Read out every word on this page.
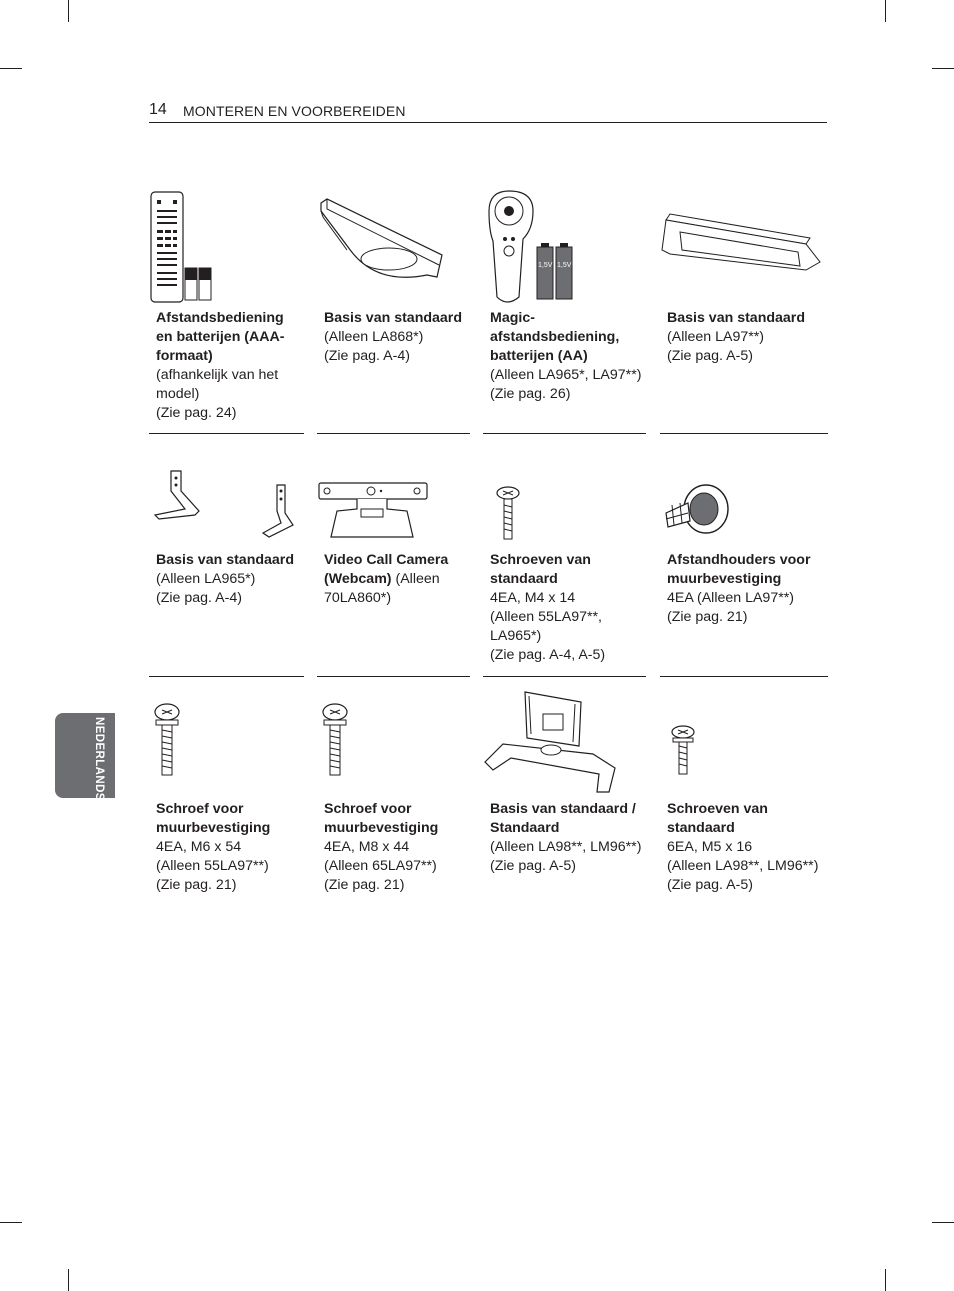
14 MONTEREN EN VOORBEREIDEN
NEDERLANDS
Afstandsbediening
en batterijen (AAA-
formaat)
(afhankelijk van het
model)
(Zie pag. 24)
Basis van standaard
(Alleen LA868*)
(Zie pag. A-4)
1,5V 1,5V
Magic-
afstandsbediening,
batterijen (AA)
(Alleen LA965*, LA97**)
(Zie pag. 26)
Basis van standaard
(Alleen LA97**)
(Zie pag. A-5)
Basis van standaard
(Alleen LA965*)
(Zie pag. A-4)
Video Call Camera
(Webcam) (Alleen
70LA860*)
Schroeven van
standaard
4EA, M4 x 14
(Alleen 55LA97**,
LA965*)
(Zie pag. A-4, A-5)
Afstandhouders voor
muurbevestiging
4EA (Alleen LA97**)
(Zie pag. 21)
Schroef voor
muurbevestiging
4EA, M6 x 54
(Alleen 55LA97**)
(Zie pag. 21)
Schroef voor
muurbevestiging
4EA, M8 x 44
(Alleen 65LA97**)
(Zie pag. 21)
Basis van standaard /
Standaard
(Alleen LA98**, LM96**)
(Zie pag. A-5)
Schroeven van
standaard
6EA, M5 x 16
(Alleen LA98**, LM96**)
(Zie pag. A-5)
